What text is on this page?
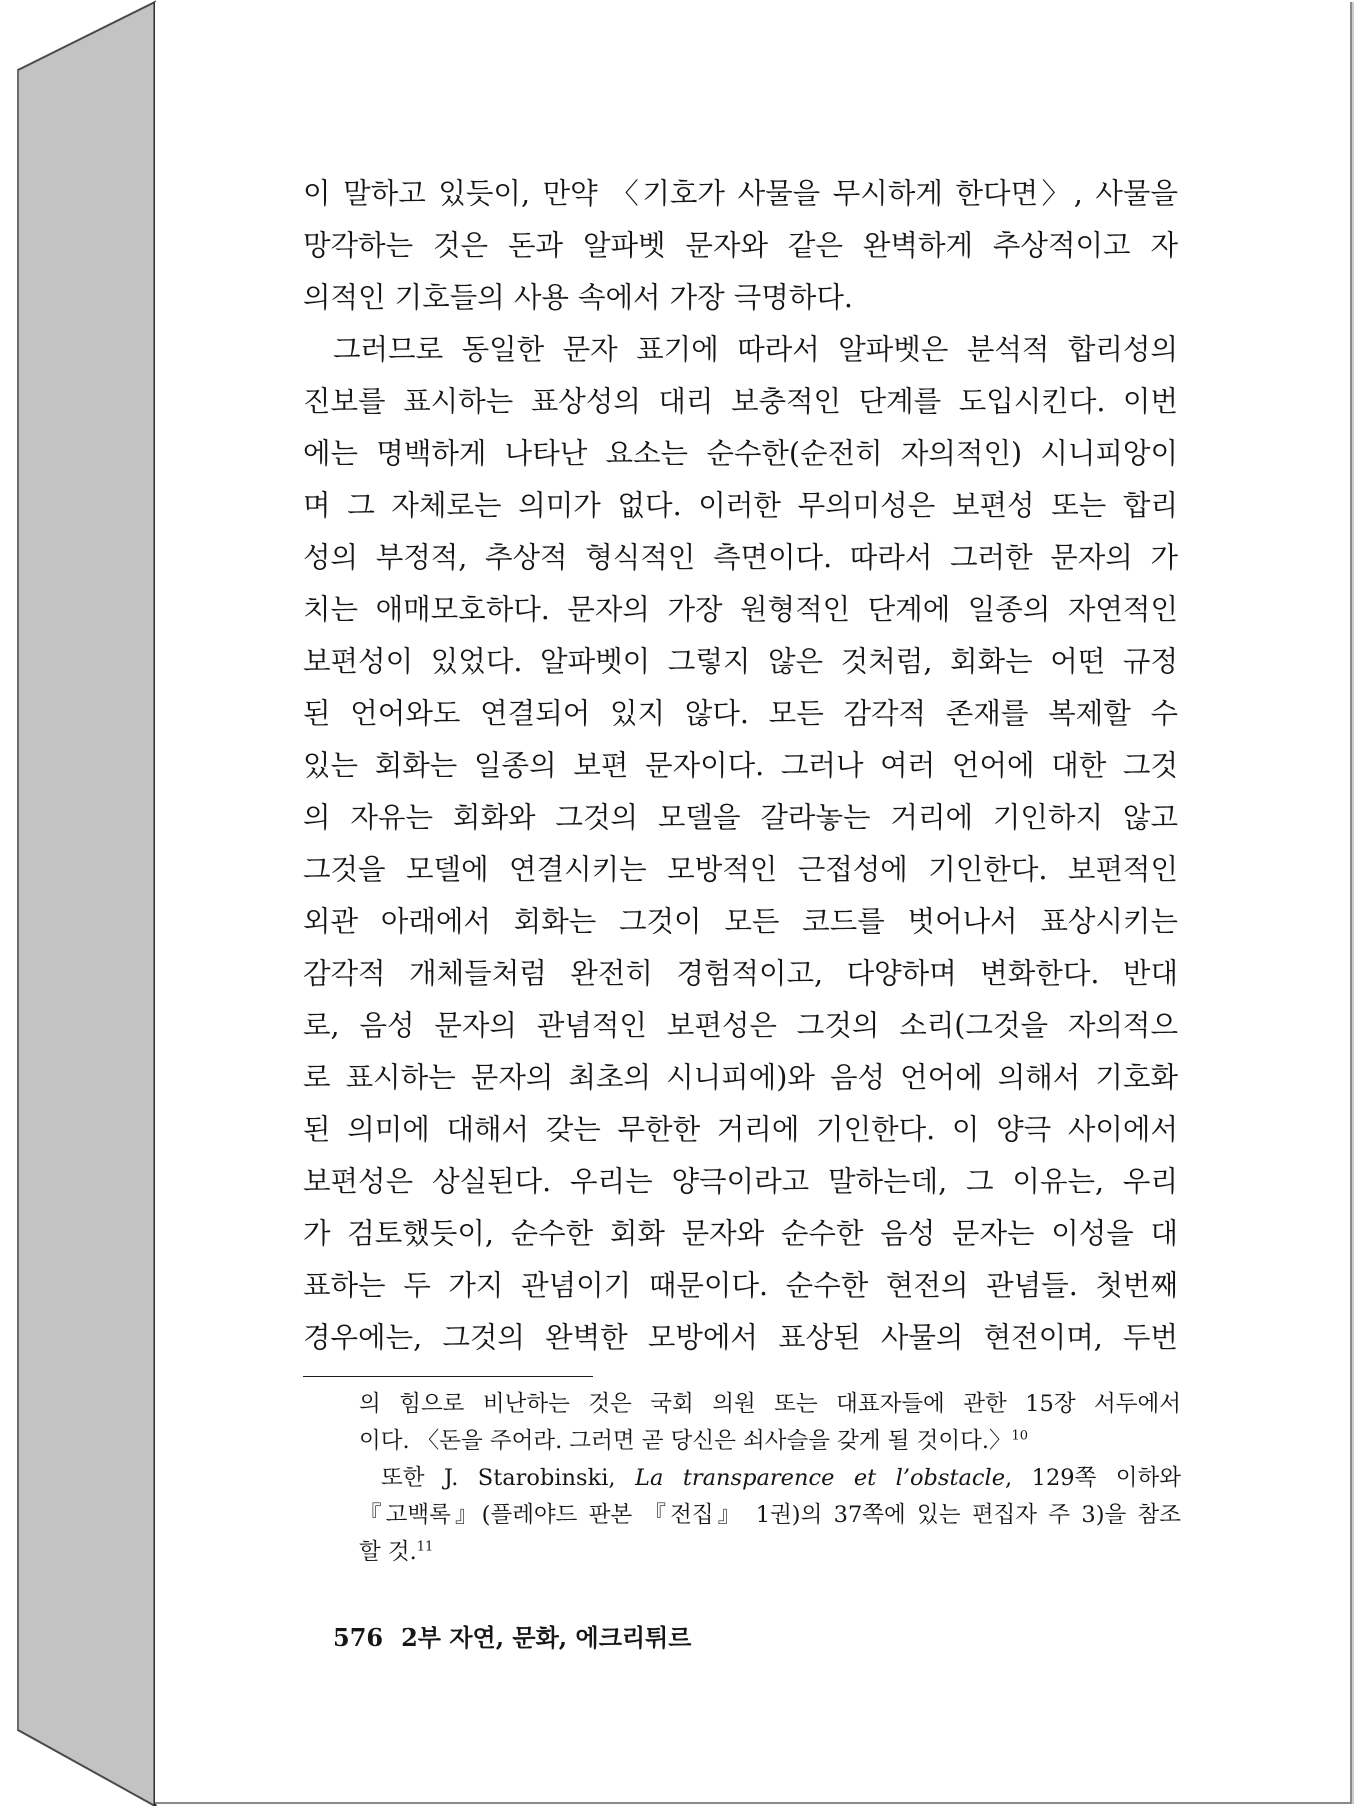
이 말하고 있듯이, 만약 〈기호가 사물을 무시하게 한다면〉, 사물을
망각하는 것은 돈과 알파벳 문자와 같은 완벽하게 추상적이고 자
의적인 기호들의 사용 속에서 가장 극명하다.
그러므로 동일한 문자 표기에 따라서 알파벳은 분석적 합리성의
진보를 표시하는 표상성의 대리 보충적인 단계를 도입시킨다. 이번
에는 명백하게 나타난 요소는 순수한(순전히 자의적인) 시니피앙이
며 그 자체로는 의미가 없다. 이러한 무의미성은 보편성 또는 합리
성의 부정적, 추상적 형식적인 측면이다. 따라서 그러한 문자의 가
치는 애매모호하다. 문자의 가장 원형적인 단계에 일종의 자연적인
보편성이 있었다. 알파벳이 그렇지 않은 것처럼, 회화는 어떤 규정
된 언어와도 연결되어 있지 않다. 모든 감각적 존재를 복제할 수
있는 회화는 일종의 보편 문자이다. 그러나 여러 언어에 대한 그것
의 자유는 회화와 그것의 모델을 갈라놓는 거리에 기인하지 않고
그것을 모델에 연결시키는 모방적인 근접성에 기인한다. 보편적인
외관 아래에서 회화는 그것이 모든 코드를 벗어나서 표상시키는
감각적 개체들처럼 완전히 경험적이고, 다양하며 변화한다. 반대
로, 음성 문자의 관념적인 보편성은 그것의 소리(그것을 자의적으
로 표시하는 문자의 최초의 시니피에)와 음성 언어에 의해서 기호화
된 의미에 대해서 갖는 무한한 거리에 기인한다. 이 양극 사이에서
보편성은 상실된다. 우리는 양극이라고 말하는데, 그 이유는, 우리
가 검토했듯이, 순수한 회화 문자와 순수한 음성 문자는 이성을 대
표하는 두 가지 관념이기 때문이다. 순수한 현전의 관념들. 첫번째
경우에는, 그것의 완벽한 모방에서 표상된 사물의 현전이며, 두번
의 힘으로 비난하는 것은 국회 의원 또는 대표자들에 관한 15장 서두에서
이다. 〈돈을 주어라. 그러면 곧 당신은 쇠사슬을 갖게 될 것이다.〉$^{10}$
또한 J. Starobinski, La transparence et l’obstacle, 129쪽 이하와
『고백록』(플레야드 판본 『전집』 1권)의 37쪽에 있는 편집자 주 3)을 참조
할 것.$^{11}$
576 2부 자연, 문화, 에크리튀르
